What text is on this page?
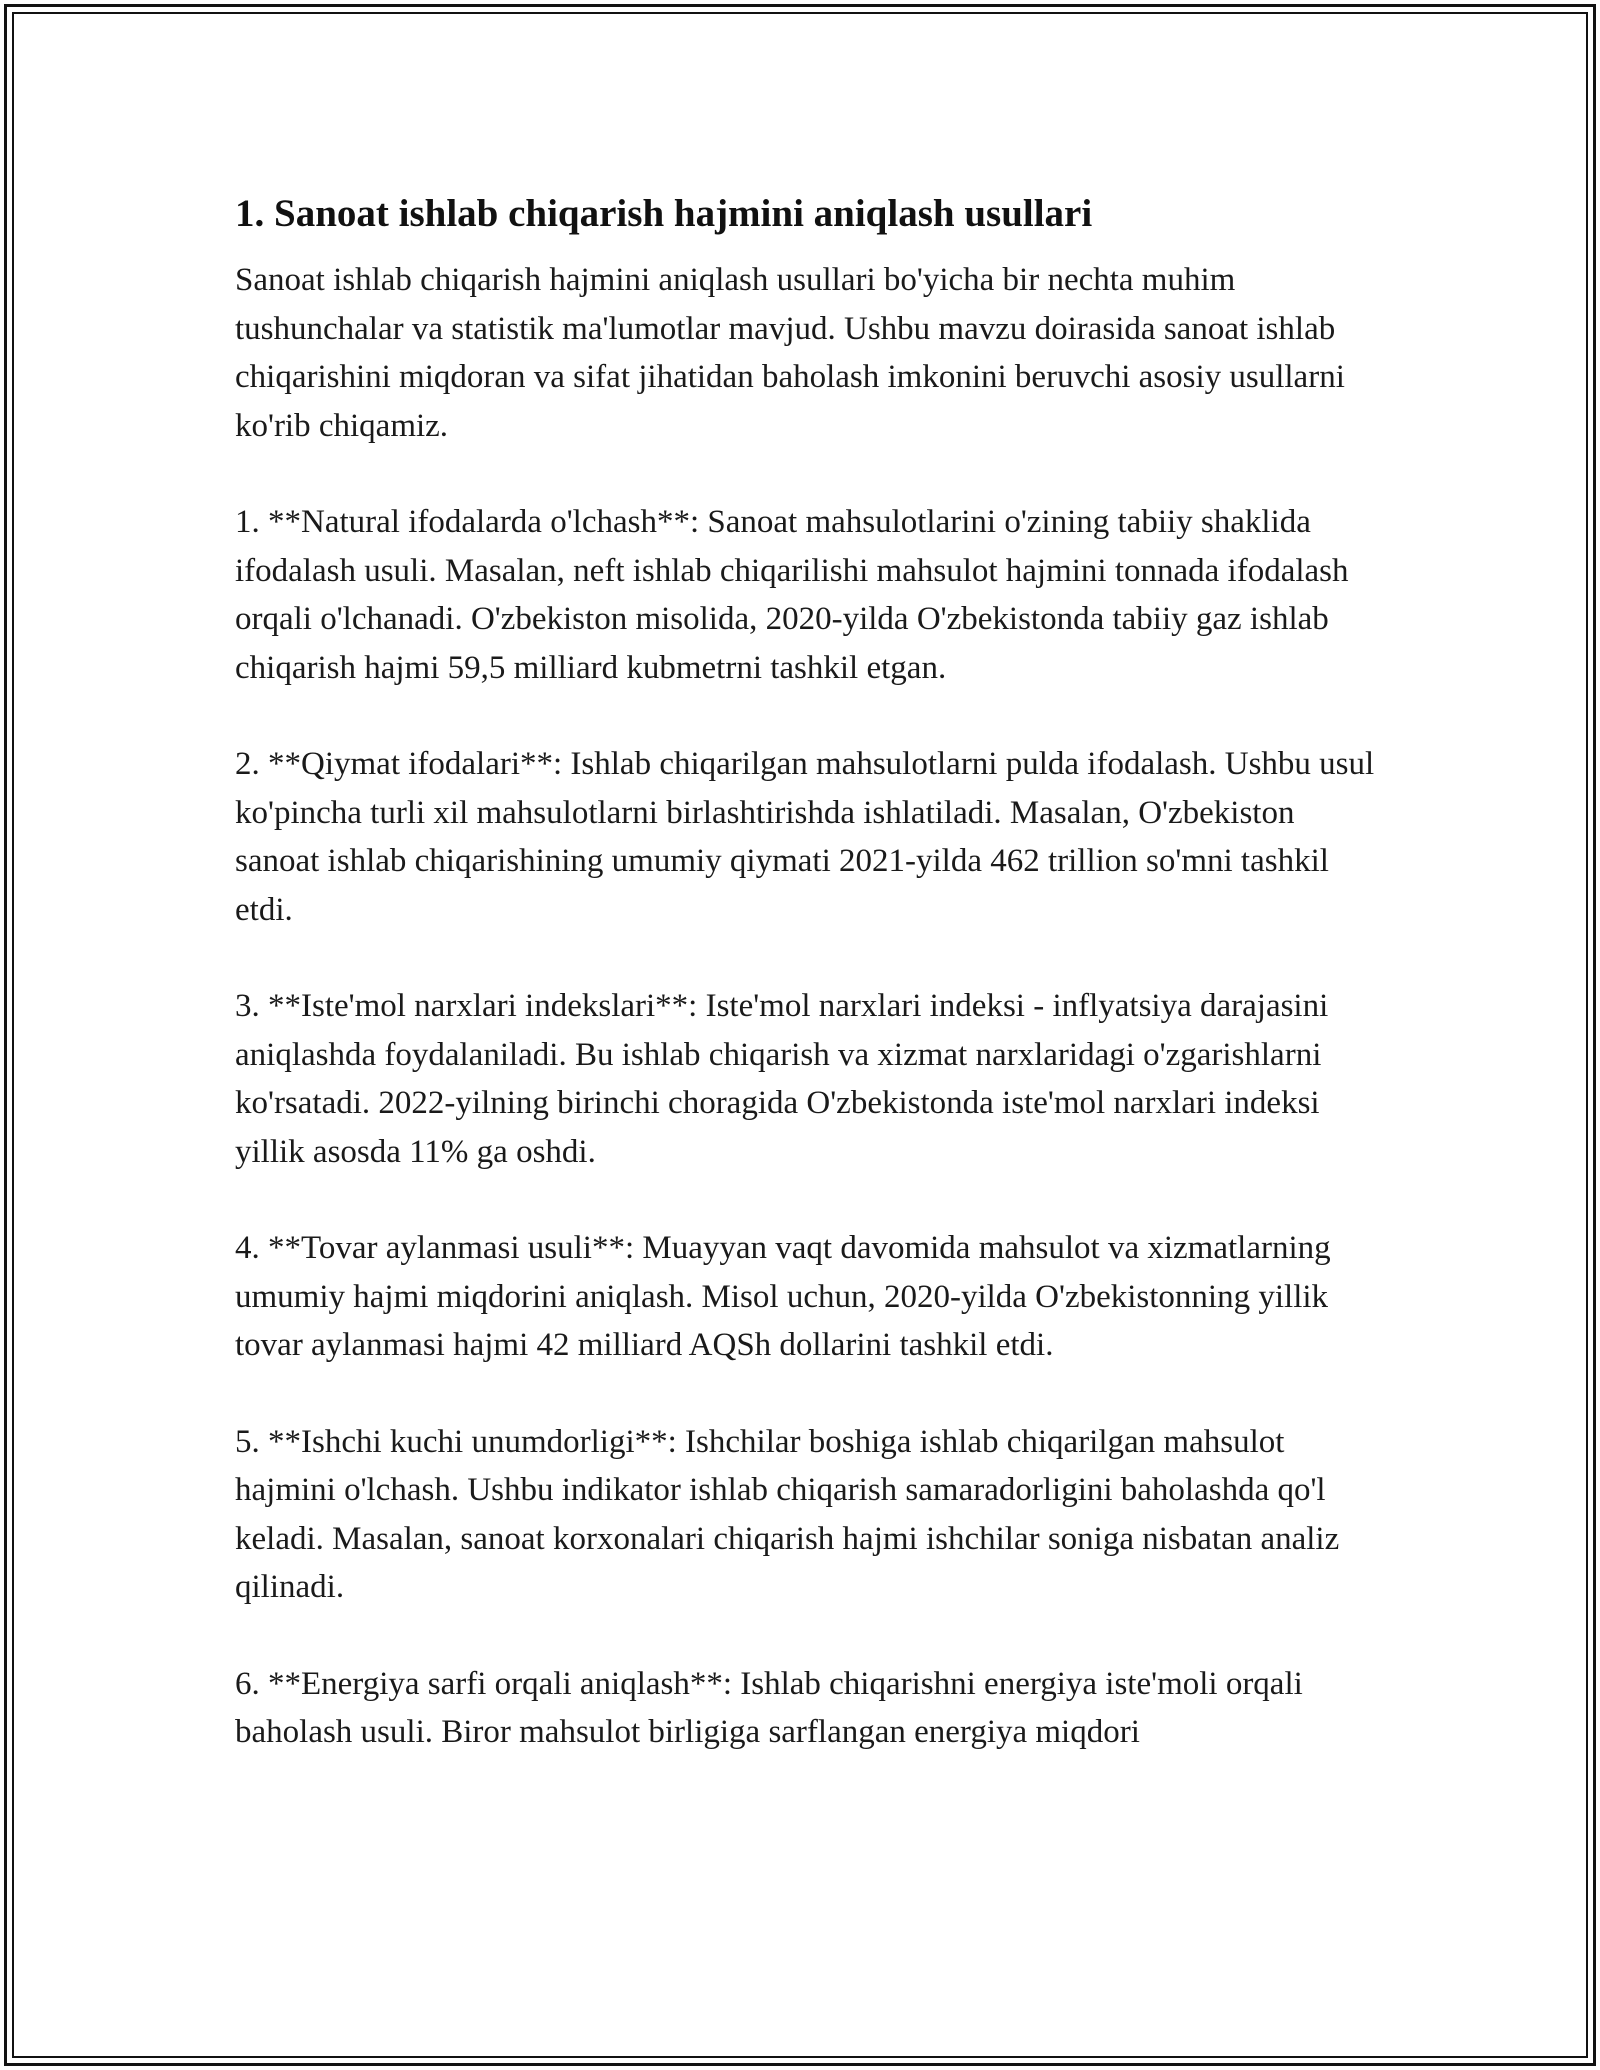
1. Sanoat ishlab chiqarish hajmini aniqlash usullari

Sanoat ishlab chiqarish hajmini aniqlash usullari bo'yicha bir nechta muhim tushunchalar va statistik ma'lumotlar mavjud. Ushbu mavzu doirasida sanoat ishlab chiqarishini miqdoran va sifat jihatidan baholash imkonini beruvchi asosiy usullarni ko'rib chiqamiz.

1. **Natural ifodalarda o'lchash**: Sanoat mahsulotlarini o'zining tabiiy shaklida ifodalash usuli. Masalan, neft ishlab chiqarilishi mahsulot hajmini tonnada ifodalash orqali o'lchanadi. O'zbekiston misolida, 2020-yilda O'zbekistonda tabiiy gaz ishlab chiqarish hajmi 59,5 milliard kubmetrni tashkil etgan.

2. **Qiymat ifodalari**: Ishlab chiqarilgan mahsulotlarni pulda ifodalash. Ushbu usul ko'pincha turli xil mahsulotlarni birlashtirishda ishlatiladi. Masalan, O'zbekiston sanoat ishlab chiqarishining umumiy qiymati 2021-yilda 462 trillion so'mni tashkil etdi.

3. **Iste'mol narxlari indekslari**: Iste'mol narxlari indeksi - inflyatsiya darajasini aniqlashda foydalaniladi. Bu ishlab chiqarish va xizmat narxlaridagi o'zgarishlarni ko'rsatadi. 2022-yilning birinchi choragida O'zbekistonda iste'mol narxlari indeksi yillik asosda 11% ga oshdi.

4. **Tovar aylanmasi usuli**: Muayyan vaqt davomida mahsulot va xizmatlarning umumiy hajmi miqdorini aniqlash. Misol uchun, 2020-yilda O'zbekistonning yillik tovar aylanmasi hajmi 42 milliard AQSh dollarini tashkil etdi.

5. **Ishchi kuchi unumdorligi**: Ishchilar boshiga ishlab chiqarilgan mahsulot hajmini o'lchash. Ushbu indikator ishlab chiqarish samaradorligini baholashda qo'l keladi. Masalan, sanoat korxonalari chiqarish hajmi ishchilar soniga nisbatan analiz qilinadi.

6. **Energiya sarfi orqali aniqlash**: Ishlab chiqarishni energiya iste'moli orqali baholash usuli. Biror mahsulot birligiga sarflangan energiya miqdori
